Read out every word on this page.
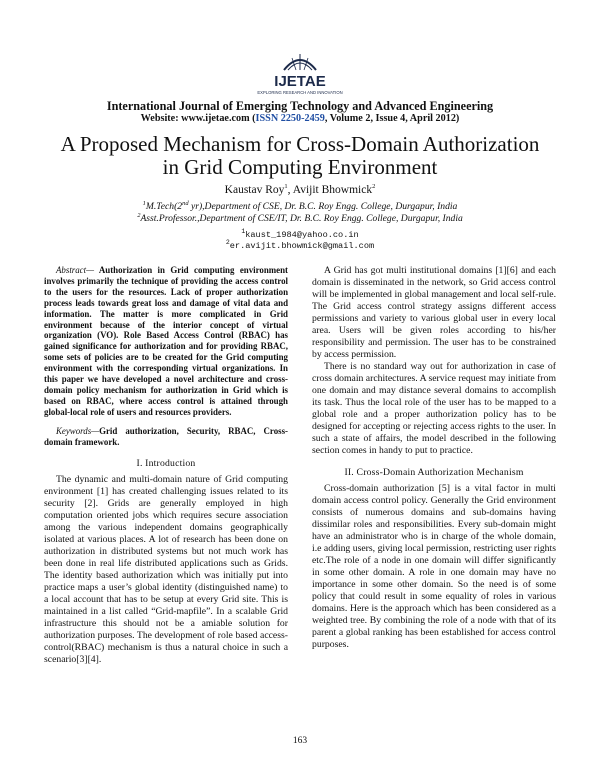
IJETAE
EXPLORING RESEARCH AND INNOVATION
International Journal of Emerging Technology and Advanced Engineering
Website: www.ijetae.com (ISSN 2250-2459, Volume 2, Issue 4, April 2012)
A Proposed Mechanism for Cross-Domain Authorization
in Grid Computing Environment
Kaustav Roy$^1$, Avijit Bhowmick$^2$
$^1$M.Tech(2nd yr),Department of CSE, Dr. B.C. Roy Engg. College, Durgapur, India
$^2$Asst.Professor.,Department of CSE/IT, Dr. B.C. Roy Engg. College, Durgapur, India
$^1$kaust_1984@yahoo.co.in
$^2$er.avijit.bhowmick@gmail.com

Abstract— Authorization in Grid computing environment involves primarily the technique of providing the access control to the users for the resources. Lack of proper authorization process leads towards great loss and damage of vital data and information. The matter is more complicated in Grid environment because of the interior concept of virtual organization (VO). Role Based Access Control (RBAC) has gained significance for authorization and for providing RBAC, some sets of policies are to be created for the Grid computing environment with the corresponding virtual organizations. In this paper we have developed a novel architecture and cross-domain policy mechanism for authorization in Grid which is based on RBAC, where access control is attained through global-local role of users and resources providers.

Keywords—Grid authorization, Security, RBAC, Cross-domain framework.

I. Introduction

The dynamic and multi-domain nature of Grid computing environment [1] has created challenging issues related to its security [2]. Grids are generally employed in high computation oriented jobs which requires secure association among the various independent domains geographically isolated at various places. A lot of research has been done on authorization in distributed systems but not much work has been done in real life distributed applications such as Grids. The identity based authorization which was initially put into practice maps a user’s global identity (distinguished name) to a local account that has to be setup at every Grid site. This is maintained in a list called “Grid-mapfile”. In a scalable Grid infrastructure this should not be a amiable solution for authorization purposes. The development of role based access-control(RBAC) mechanism is thus a natural choice in such a scenario[3][4].

A Grid has got multi institutional domains [1][6] and each domain is disseminated in the network, so Grid access control will be implemented in global management and local self-rule. The Grid access control strategy assigns different access permissions and variety to various global user in every local area. Users will be given roles according to his/her responsibility and permission. The user has to be constrained by access permission.

There is no standard way out for authorization in case of cross domain architectures. A service request may initiate from one domain and may distance several domains to accomplish its task. Thus the local role of the user has to be mapped to a global role and a proper authorization policy has to be designed for accepting or rejecting access rights to the user. In such a state of affairs, the model described in the following section comes in handy to put to practice.

II. Cross-Domain Authorization Mechanism

Cross-domain authorization [5] is a vital factor in multi domain access control policy. Generally the Grid environment consists of numerous domains and sub-domains having dissimilar roles and responsibilities. Every sub-domain might have an administrator who is in charge of the whole domain, i.e adding users, giving local permission, restricting user rights etc.The role of a node in one domain will differ significantly in some other domain. A role in one domain may have no importance in some other domain. So the need is of some policy that could result in some equality of roles in various domains. Here is the approach which has been considered as a weighted tree. By combining the role of a node with that of its parent a global ranking has been established for access control purposes.

163
